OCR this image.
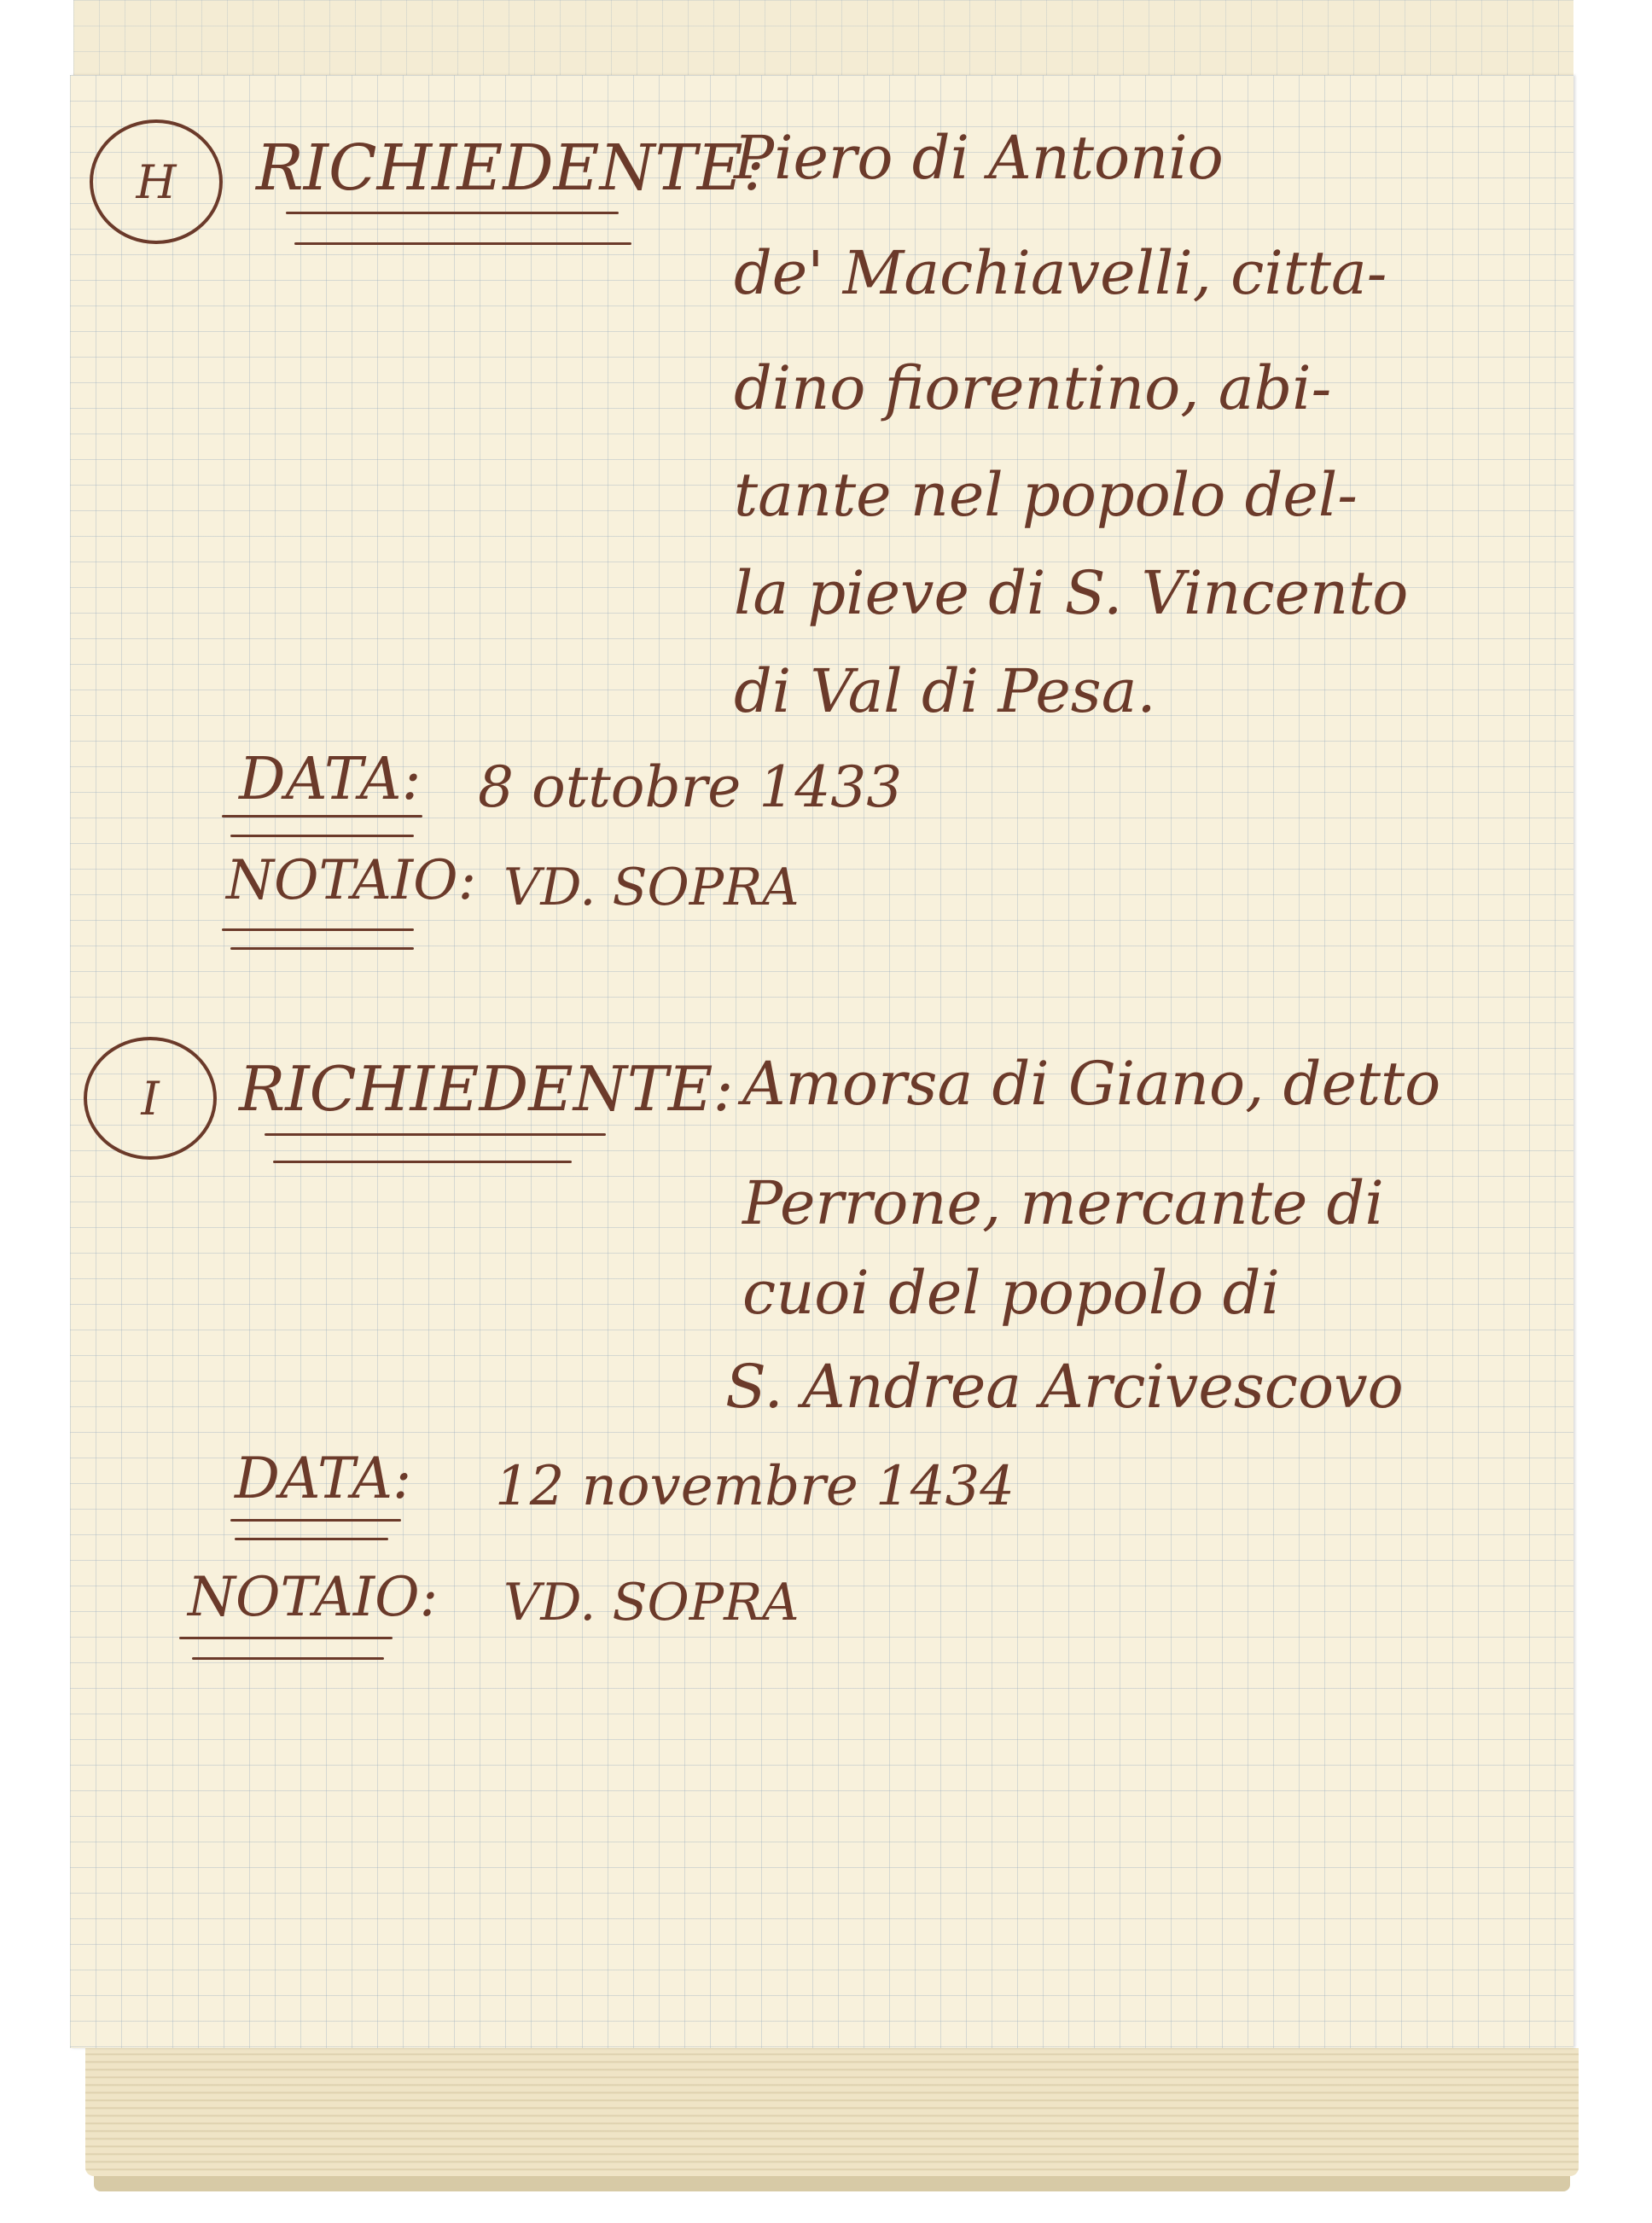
H RICHIEDENTE:
Piero di Antonio
de' Machiavelli, citta-
dino fiorentino, abi-
tante nel popolo del-
la pieve di S. Vincento
di Val di Pesa.
DATA: 8 ottobre 1433
NOTAIO: VD. SOPRA
I RICHIEDENTE: Amorsa di Giano, detto
Perrone, mercante di
cuoi del popolo di
S. Andrea Arcivescovo
DATA: 12 novembre 1434
NOTAIO: VD. SOPRA
